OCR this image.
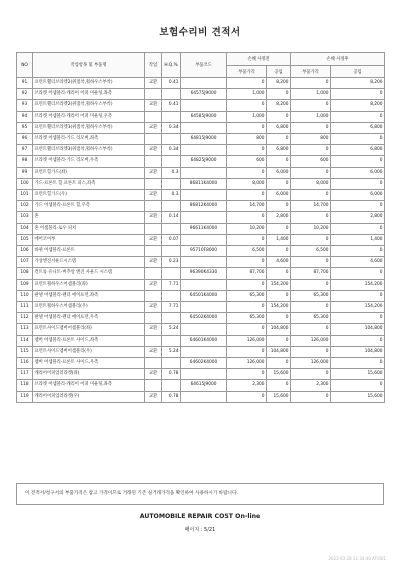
보험수리비 견적서
NO	작업항목 및 부품명	작업	H.Q.%	부품코드	손해 사정전		손해 사정후	
					부품가격	공임	부품가격	공임
91	프런트휀더브라켓2(위점착,휠하우스부착)	교환	0.41		0	8,200	0	8,200
92	브라켓 어셈블리-캐리어 어퍼 미운팅,좌측			64575J9000	1,000	0	1,000	0
93	프런트휀더브라켓2(위점착,휠하우스부착)	교환	0.41		0	8,200	0	8,200
94	브라켓 어셈블리-캐리어 어퍼 미운팅,우측			64585J9000	1,000	0	1,000	0
95	프런트휀더브라켓3(위점착,휠하우스부착)	교환	0.34		0	6,800	0	6,800
96	브라켓 어셈블리-가드 리모버,좌측			64815J9000	800	0	800	0
97	프런트휀더브라켓3(위점착,휠하우스부착)	교환	0.34		0	6,800	0	6,800
98	브라켓 어셈블리-가드 리모버,우측			64825J9000	600	0	600	0
99	프런트힐가드(좌)	교환	0.3		0	6,000	0	6,000
100	가드-프론트 힐 프론트 피스,좌측			86811K4000	8,000	0	8,000	0
101	프런트힐가드(우)	교환	0.3		0	6,000	0	6,000
102	가드 어셈블리-프론트 힐,우측			86812K4000	14,700	0	14,700	0
103	혼	교환	0.14		0	2,800	0	2,800
104	혼 어셈블리-로우 피치			96611K4000	10,200	0	10,200	0
105	에어코어부	교환	0.07		0	1,400	0	1,400
106	바퀴 어셈블리-프론트			95710F8000	6,500	0	6,500	0
107	가상엔진서운드시스템	교환	0.23		0	4,600	0	4,600
108	컨트롤 유니트-버추얼 엔진 사운드 시스템			96390K4330	87,700	0	87,700	0
109	프런트휠하우스어셈블리(좌)	교환	7.71		0	154,200	0	154,200
110	판넬 어셈블리-펜더 에이프런,좌측			64501K4000	65,300	0	65,300	0
111	프런트휠하우스어셈블리(우)	교환	7.71		0	154,200	0	154,200
112	판넬 어셈블리-펜더 에이프런,우측			64502K4000	65,300	0	65,300	0
113	프런트사이드멤버어셈블리(좌)	교환	5.24		0	104,800	0	104,800
114	멤버 어셈블리-프론트 사이드,좌측			64601K4000	126,000	0	126,000	0
115	프런트사이드멤버어셈블리(우)	교환	5.24		0	104,800	0	104,800
116	멤버 어셈블리-프론트 사이드,우측			64602K4000	126,000	0	126,000	0
117	캐리어어퍼업러라켓(좌)	교환	0.78		0	15,600	0	15,600
118	브라켓 어셈블리-캐리어 어퍼 미운팅,좌측			64615J9000	2,300	0	2,300	0
119	캐리어어퍼업러라켓(우)	교환	0.78		0	15,600	0	15,600
이 견적서/청구서의 부품가격은 참고 가격이므로 거래된 기존 실거래가격을 확인하여 사용하시기 바랍니다.
AUTOMOBILE REPAIR COST On-line
페이지 : 5/21
2023-03-28 11:34:40 AT/001
